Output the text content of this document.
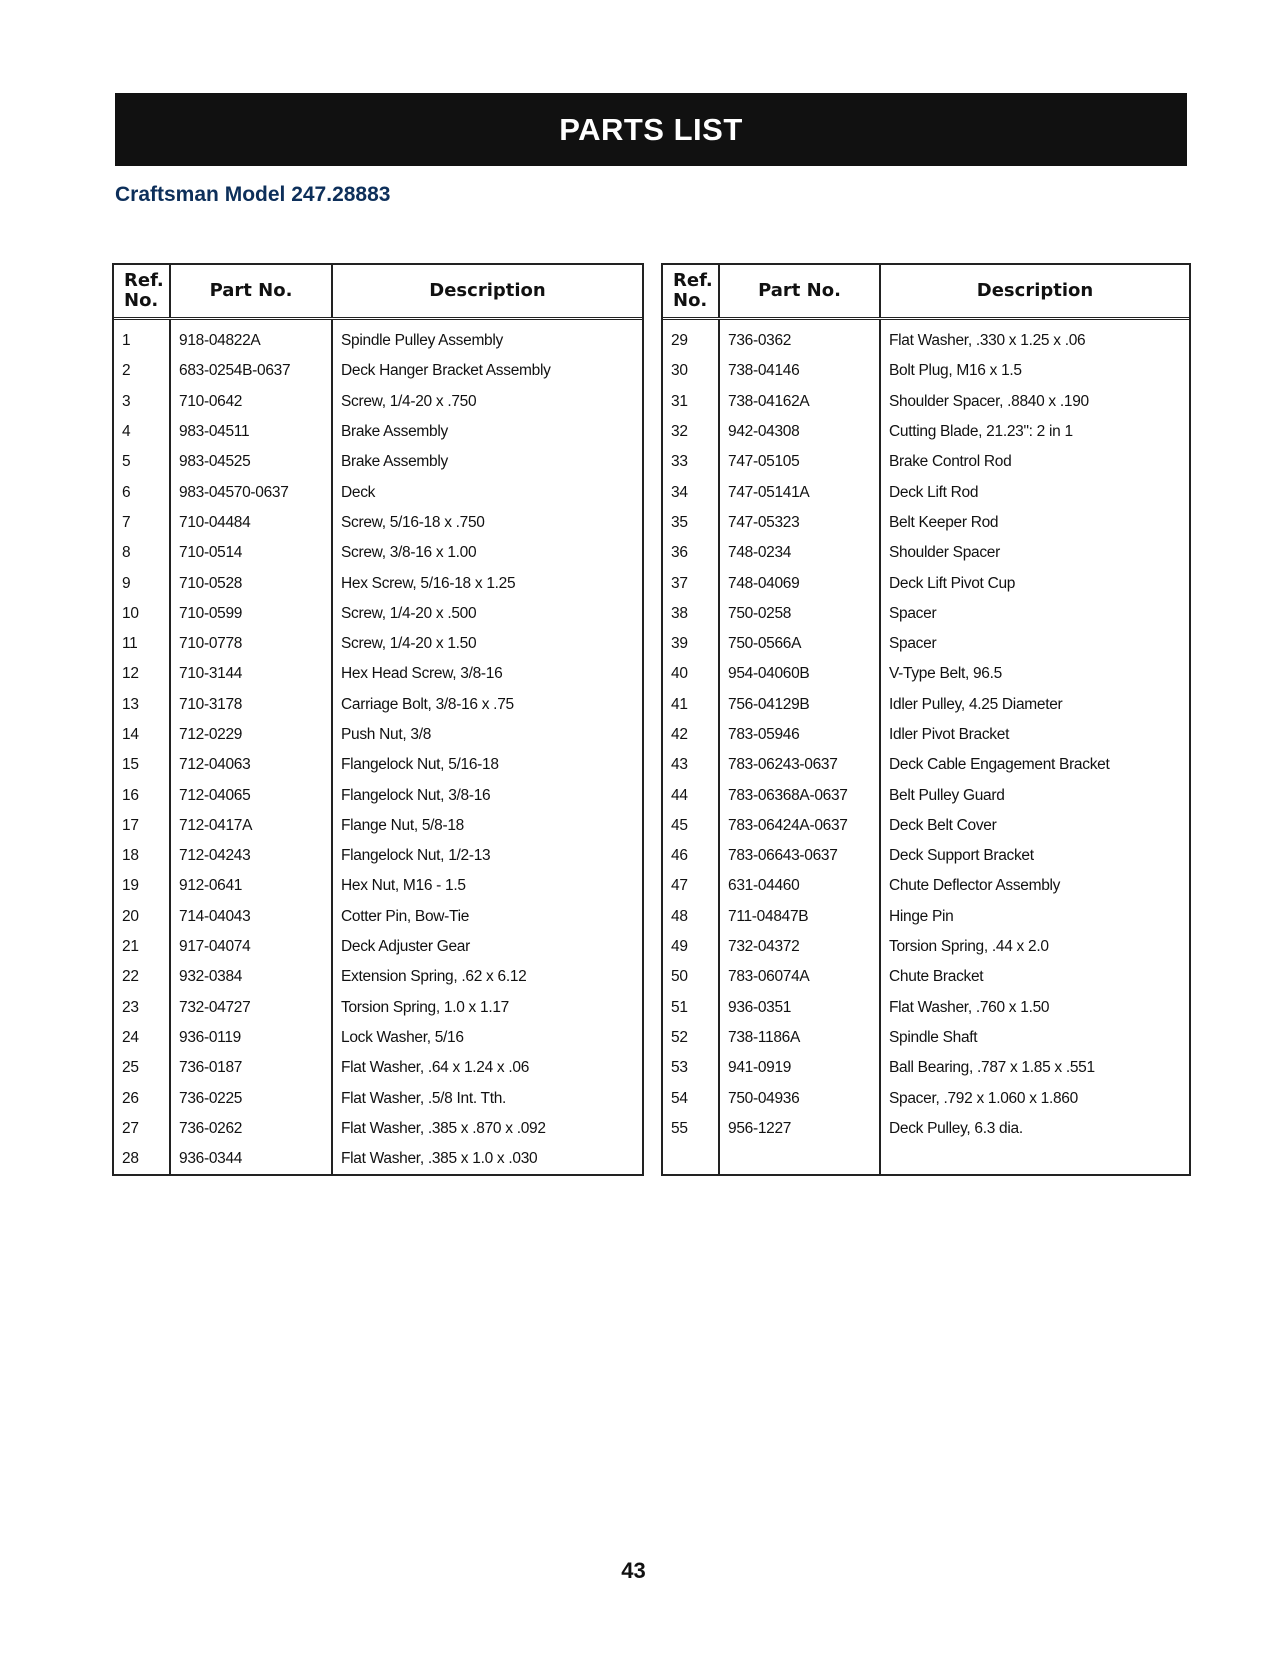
PARTS LIST
Craftsman Model 247.28883
Ref.
No.	Part No.	Description
1	918-04822A	Spindle Pulley Assembly
2	683-0254B-0637	Deck Hanger Bracket Assembly
3	710-0642	Screw, 1/4-20 x .750
4	983-04511	Brake Assembly
5	983-04525	Brake Assembly
6	983-04570-0637	Deck
7	710-04484	Screw, 5/16-18 x .750
8	710-0514	Screw, 3/8-16 x 1.00
9	710-0528	Hex Screw, 5/16-18 x 1.25
10	710-0599	Screw, 1/4-20 x .500
11	710-0778	Screw, 1/4-20 x 1.50
12	710-3144	Hex Head Screw, 3/8-16
13	710-3178	Carriage Bolt, 3/8-16 x .75
14	712-0229	Push Nut, 3/8
15	712-04063	Flangelock Nut, 5/16-18
16	712-04065	Flangelock Nut, 3/8-16
17	712-0417A	Flange Nut, 5/8-18
18	712-04243	Flangelock Nut, 1/2-13
19	912-0641	Hex Nut, M16 - 1.5
20	714-04043	Cotter Pin, Bow-Tie
21	917-04074	Deck Adjuster Gear
22	932-0384	Extension Spring, .62 x 6.12
23	732-04727	Torsion Spring, 1.0 x 1.17
24	936-0119	Lock Washer, 5/16
25	736-0187	Flat Washer, .64 x 1.24 x .06
26	736-0225	Flat Washer, .5/8 Int. Tth.
27	736-0262	Flat Washer, .385 x .870 x .092
28	936-0344	Flat Washer, .385 x 1.0 x .030
Ref.
No.	Part No.	Description
29	736-0362	Flat Washer, .330 x 1.25 x .06
30	738-04146	Bolt Plug, M16 x 1.5
31	738-04162A	Shoulder Spacer, .8840 x .190
32	942-04308	Cutting Blade, 21.23": 2 in 1
33	747-05105	Brake Control Rod
34	747-05141A	Deck Lift Rod
35	747-05323	Belt Keeper Rod
36	748-0234	Shoulder Spacer
37	748-04069	Deck Lift Pivot Cup
38	750-0258	Spacer
39	750-0566A	Spacer
40	954-04060B	V-Type Belt, 96.5
41	756-04129B	Idler Pulley, 4.25 Diameter
42	783-05946	Idler Pivot Bracket
43	783-06243-0637	Deck Cable Engagement Bracket
44	783-06368A-0637	Belt Pulley Guard
45	783-06424A-0637	Deck Belt Cover
46	783-06643-0637	Deck Support Bracket
47	631-04460	Chute Deflector Assembly
48	711-04847B	Hinge Pin
49	732-04372	Torsion Spring, .44 x 2.0
50	783-06074A	Chute Bracket
51	936-0351	Flat Washer, .760 x 1.50
52	738-1186A	Spindle Shaft
53	941-0919	Ball Bearing, .787 x 1.85 x .551
54	750-04936	Spacer, .792 x 1.060 x 1.860
55	956-1227	Deck Pulley, 6.3 dia.

43
